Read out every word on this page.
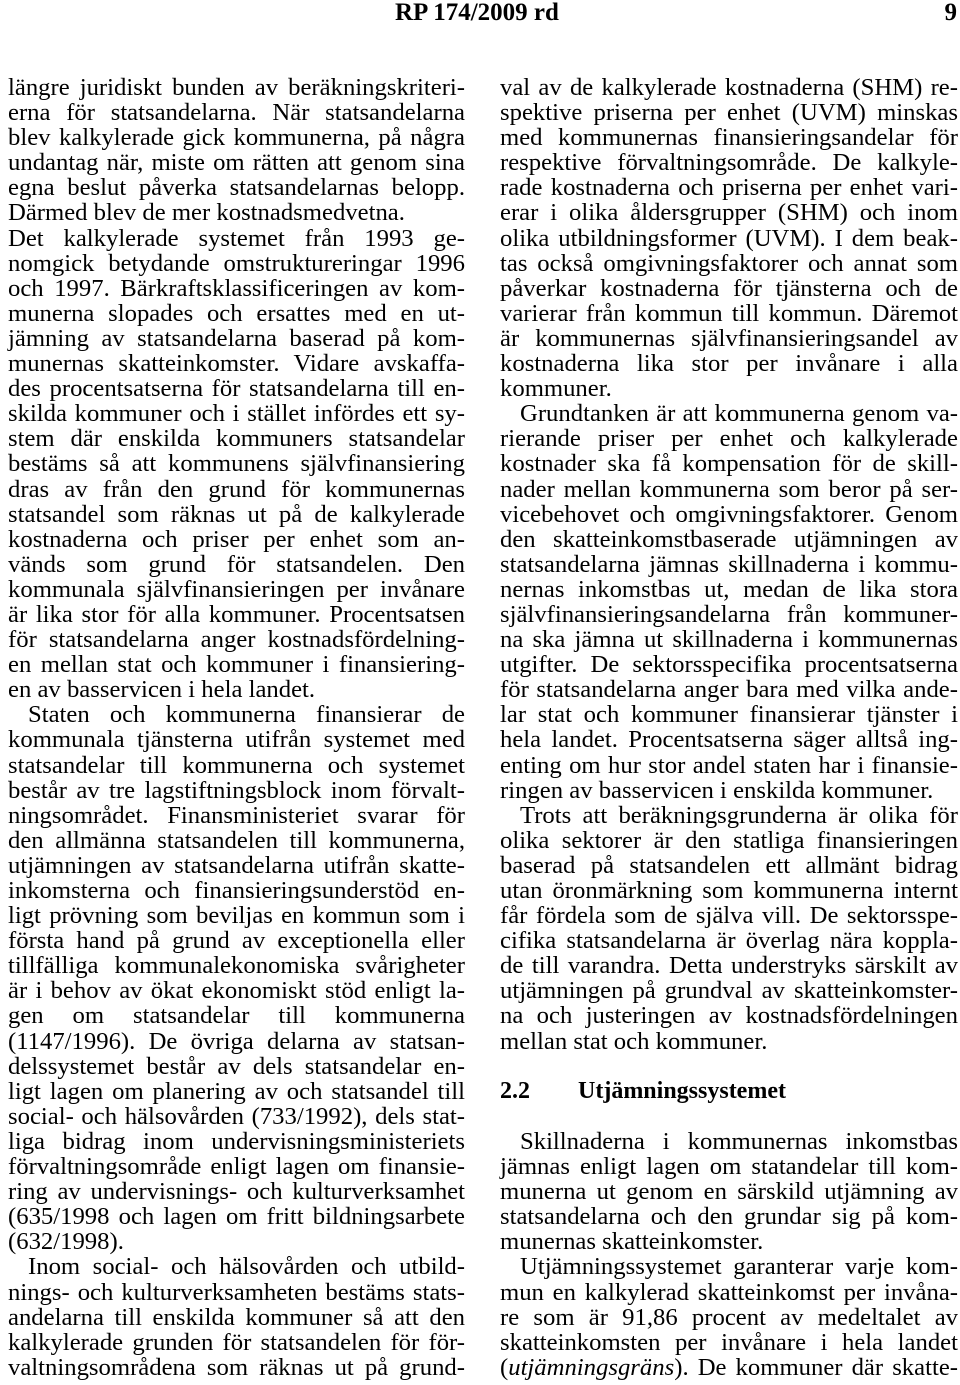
RP 174/2009 rd	9
längre juridiskt bunden av beräkningskriteri-
erna för statsandelarna. När statsandelarna
blev kalkylerade gick kommunerna, på några
undantag när, miste om rätten att genom sina
egna beslut påverka statsandelarnas belopp.
Därmed blev de mer kostnadsmedvetna.
Det kalkylerade systemet från 1993 ge-
nomgick betydande omstruktureringar 1996
och 1997. Bärkraftsklassificeringen av kom-
munerna slopades och ersattes med en ut-
jämning av statsandelarna baserad på kom-
munernas skatteinkomster. Vidare avskaffa-
des procentsatserna för statsandelarna till en-
skilda kommuner och i stället infördes ett sy-
stem där enskilda kommuners statsandelar
bestäms så att kommunens självfinansiering
dras av från den grund för kommunernas
statsandel som räknas ut på de kalkylerade
kostnaderna och priser per enhet som an-
vänds som grund för statsandelen. Den
kommunala självfinansieringen per invånare
är lika stor för alla kommuner. Procentsatsen
för statsandelarna anger kostnadsfördelning-
en mellan stat och kommuner i finansiering-
en av basservicen i hela landet.
Staten och kommunerna finansierar de
kommunala tjänsterna utifrån systemet med
statsandelar till kommunerna och systemet
består av tre lagstiftningsblock inom förvalt-
ningsområdet. Finansministeriet svarar för
den allmänna statsandelen till kommunerna,
utjämningen av statsandelarna utifrån skatte-
inkomsterna och finansieringsunderstöd en-
ligt prövning som beviljas en kommun som i
första hand på grund av exceptionella eller
tillfälliga kommunalekonomiska svårigheter
är i behov av ökat ekonomiskt stöd enligt la-
gen om statsandelar till kommunerna
(1147/1996). De övriga delarna av statsan-
delssystemet består av dels statsandelar en-
ligt lagen om planering av och statsandel till
social- och hälsovården (733/1992), dels stat-
liga bidrag inom undervisningsministeriets
förvaltningsområde enligt lagen om finansie-
ring av undervisnings- och kulturverksamhet
(635/1998 och lagen om fritt bildningsarbete
(632/1998).
Inom social- och hälsovården och utbild-
nings- och kulturverksamheten bestäms stats-
andelarna till enskilda kommuner så att den
kalkylerade grunden för statsandelen för för-
valtningsområdena som räknas ut på grund-
val av de kalkylerade kostnaderna (SHM) re-
spektive priserna per enhet (UVM) minskas
med kommunernas finansieringsandelar för
respektive förvaltningsområde. De kalkyle-
rade kostnaderna och priserna per enhet vari-
erar i olika åldersgrupper (SHM) och inom
olika utbildningsformer (UVM). I dem beak-
tas också omgivningsfaktorer och annat som
påverkar kostnaderna för tjänsterna och de
varierar från kommun till kommun. Däremot
är kommunernas självfinansieringsandel av
kostnaderna lika stor per invånare i alla
kommuner.
Grundtanken är att kommunerna genom va-
rierande priser per enhet och kalkylerade
kostnader ska få kompensation för de skill-
nader mellan kommunerna som beror på ser-
vicebehovet och omgivningsfaktorer. Genom
den skatteinkomstbaserade utjämningen av
statsandelarna jämnas skillnaderna i kommu-
nernas inkomstbas ut, medan de lika stora
självfinansieringsandelarna från kommuner-
na ska jämna ut skillnaderna i kommunernas
utgifter. De sektorsspecifika procentsatserna
för statsandelarna anger bara med vilka ande-
lar stat och kommuner finansierar tjänster i
hela landet. Procentsatserna säger alltså ing-
enting om hur stor andel staten har i finansie-
ringen av basservicen i enskilda kommuner.
Trots att beräkningsgrunderna är olika för
olika sektorer är den statliga finansieringen
baserad på statsandelen ett allmänt bidrag
utan öronmärkning som kommunerna internt
får fördela som de själva vill. De sektorsspe-
cifika statsandelarna är överlag nära koppla-
de till varandra. Detta understryks särskilt av
utjämningen på grundval av skatteinkomster-
na och justeringen av kostnadsfördelningen
mellan stat och kommuner.
2.2	Utjämningssystemet
Skillnaderna i kommunernas inkomstbas
jämnas enligt lagen om statandelar till kom-
munerna ut genom en särskild utjämning av
statsandelarna och den grundar sig på kom-
munernas skatteinkomster.
Utjämningssystemet garanterar varje kom-
mun en kalkylerad skatteinkomst per invåna-
re som är 91,86 procent av medeltalet av
skatteinkomsten per invånare i hela landet
(utjämningsgräns). De kommuner där skatte-
